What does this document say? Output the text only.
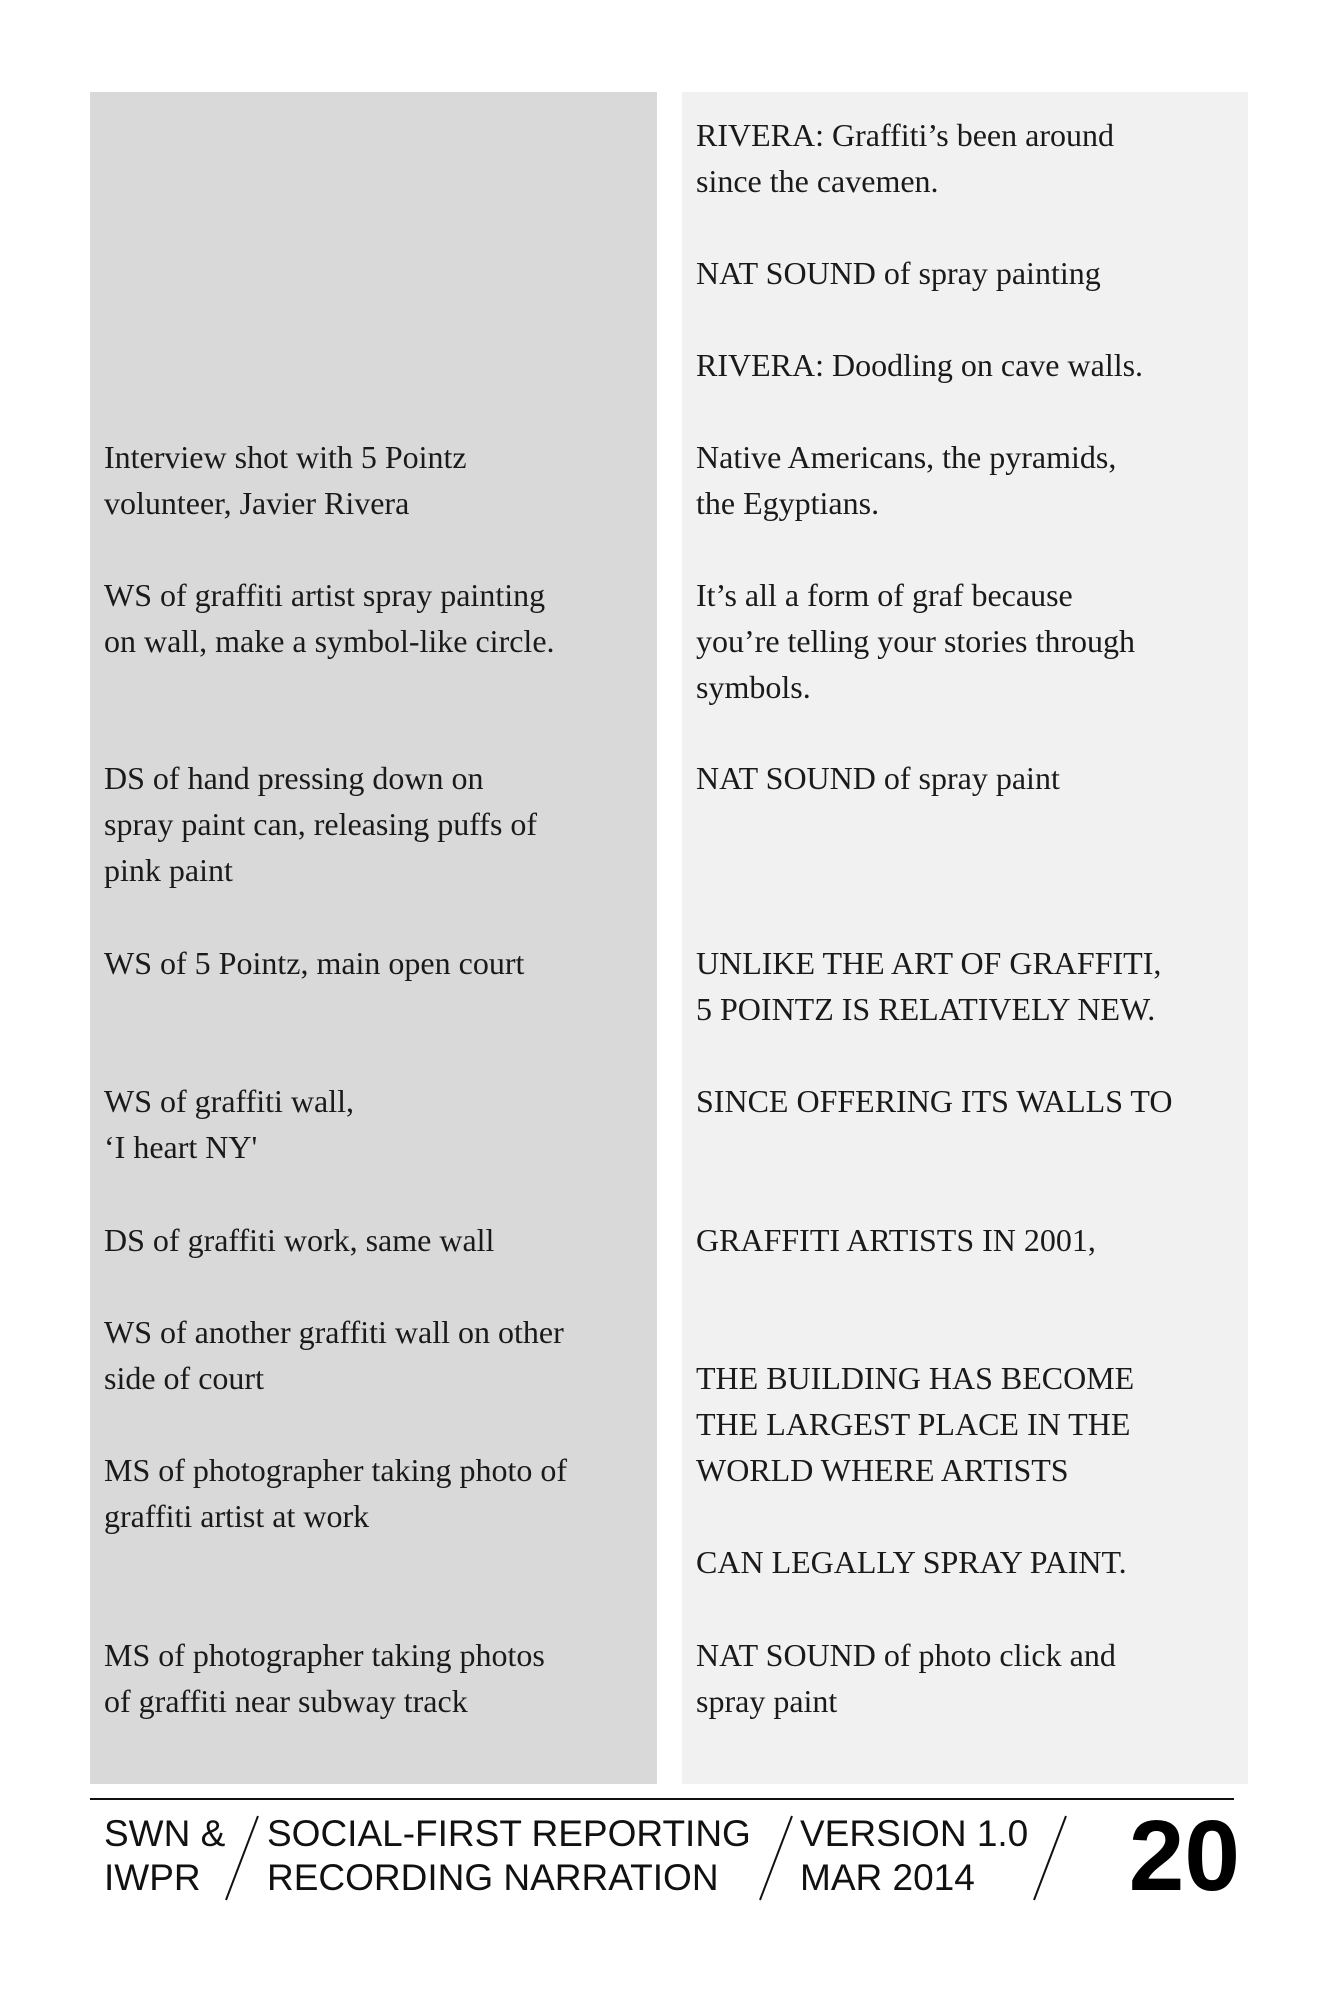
Interview shot with 5 Pointz
volunteer, Javier Rivera

WS of graffiti artist spray painting
on wall, make a symbol-like circle.

DS of hand pressing down on
spray paint can, releasing puffs of
pink paint

WS of 5 Pointz, main open court

WS of graffiti wall,
‘I heart NY'

DS of graffiti work, same wall

WS of another graffiti wall on other
side of court

MS of photographer taking photo of
graffiti artist at work

MS of photographer taking photos
of graffiti near subway track

RIVERA: Graffiti’s been around
since the cavemen.

NAT SOUND of spray painting

RIVERA: Doodling on cave walls.

Native Americans, the pyramids,
the Egyptians.

It’s all a form of graf because
you’re telling your stories through
symbols.

NAT SOUND of spray paint

UNLIKE THE ART OF GRAFFITI,
5 POINTZ IS RELATIVELY NEW.

SINCE OFFERING ITS WALLS TO

GRAFFITI ARTISTS IN 2001,

THE BUILDING HAS BECOME
THE LARGEST PLACE IN THE
WORLD WHERE ARTISTS

CAN LEGALLY SPRAY PAINT.

NAT SOUND of photo click and
spray paint

SWN &
IWPR

SOCIAL-FIRST REPORTING
RECORDING NARRATION

VERSION 1.0
MAR 2014	20
